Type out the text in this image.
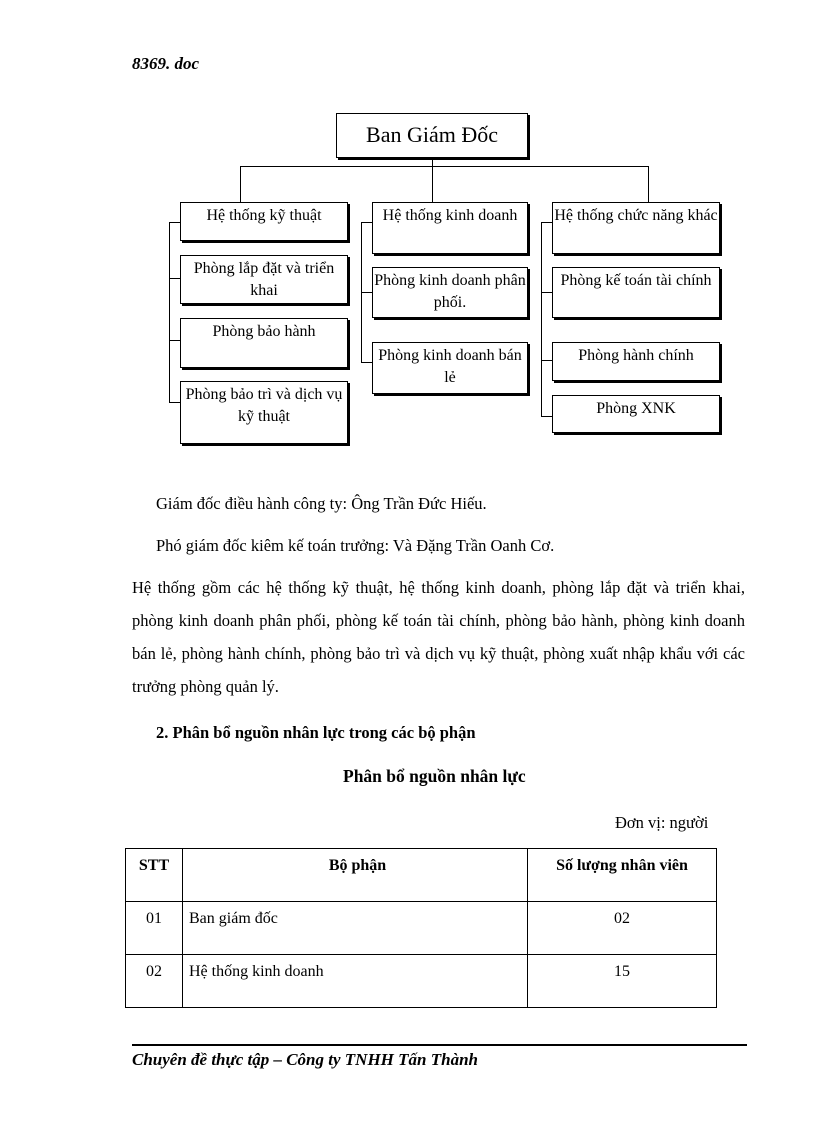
8369. doc
Ban Giám Đốc
Hệ thống kỹ thuật
Phòng lắp đặt và triển khai
Phòng bảo hành
Phòng bảo trì và dịch vụ kỹ thuật
Hệ thống kinh doanh
Phòng kinh doanh phân phối.
Phòng kinh doanh bán lẻ
Hệ thống chức năng khác
Phòng kế toán tài chính
Phòng hành chính
Phòng XNK
Giám đốc điều hành công ty: Ông Trần Đức Hiếu.
Phó giám đốc kiêm kế toán trưởng: Và Đặng Trần Oanh Cơ.
Hệ thống gồm các hệ thống kỹ thuật, hệ thống kinh doanh, phòng lắp đặt và triển khai, phòng kinh doanh phân phối, phòng kế toán tài chính, phòng bảo hành, phòng kinh doanh bán lẻ, phòng hành chính, phòng bảo trì và dịch vụ kỹ thuật, phòng xuất nhập khẩu với các trưởng phòng quản lý.
2. Phân bổ nguồn nhân lực trong các bộ phận
Phân bổ nguồn nhân lực
Đơn vị: người
STT	Bộ phận	Số lượng nhân viên
01	Ban giám đốc	02
02	Hệ thống kinh doanh	15
Chuyên đề thực tập – Công ty TNHH Tấn Thành
